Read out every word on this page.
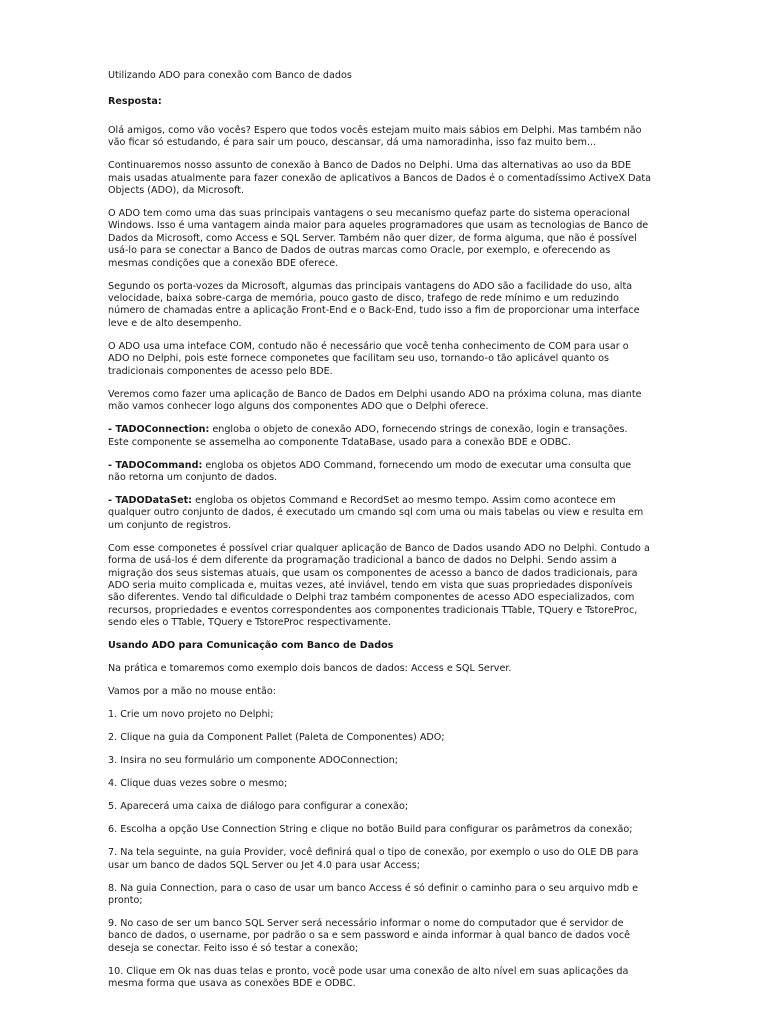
Utilizando ADO para conexão com Banco de dados
Resposta:
Olá amigos, como vão vocês? Espero que todos vocês estejam muito mais sábios em Delphi. Mas também não
vão ficar só estudando, é para sair um pouco, descansar, dá uma namoradinha, isso faz muito bem...
Continuaremos nosso assunto de conexão à Banco de Dados no Delphi. Uma das alternativas ao uso da BDE
mais usadas atualmente para fazer conexão de aplicativos a Bancos de Dados é o comentadíssimo ActiveX Data
Objects (ADO), da Microsoft.
O ADO tem como uma das suas principais vantagens o seu mecanismo quefaz parte do sistema operacional
Windows. Isso é uma vantagem ainda maior para aqueles programadores que usam as tecnologias de Banco de
Dados da Microsoft, como Access e SQL Server. Também não quer dizer, de forma alguma, que não é possível
usá-lo para se conectar a Banco de Dados de outras marcas como Oracle, por exemplo, e oferecendo as
mesmas condições que a conexão BDE oferece.
Segundo os porta-vozes da Microsoft, algumas das principais vantagens do ADO são a facilidade do uso, alta
velocidade, baixa sobre-carga de memória, pouco gasto de disco, trafego de rede mínimo e um reduzindo
número de chamadas entre a aplicação Front-End e o Back-End, tudo isso a fim de proporcionar uma interface
leve e de alto desempenho.
O ADO usa uma inteface COM, contudo não é necessário que você tenha conhecimento de COM para usar o
ADO no Delphi, pois este fornece componetes que facilitam seu uso, tornando-o tão aplicável quanto os
tradicionais componentes de acesso pelo BDE.
Veremos como fazer uma aplicação de Banco de Dados em Delphi usando ADO na próxima coluna, mas diante
mão vamos conhecer logo alguns dos componentes ADO que o Delphi oferece.
- TADOConnection: engloba o objeto de conexão ADO, fornecendo strings de conexão, login e transações.
Este componente se assemelha ao componente TdataBase, usado para a conexão BDE e ODBC.
- TADOCommand: engloba os objetos ADO Command, fornecendo um modo de executar uma consulta que
não retorna um conjunto de dados.
- TADODataSet: engloba os objetos Command e RecordSet ao mesmo tempo. Assim como acontece em
qualquer outro conjunto de dados, é executado um cmando sql com uma ou mais tabelas ou view e resulta em
um conjunto de registros.
Com esse componetes é possível criar qualquer aplicação de Banco de Dados usando ADO no Delphi. Contudo a
forma de usá-los é dem diferente da programação tradicional a banco de dados no Delphi. Sendo assim a
migração dos seus sistemas atuais, que usam os componentes de acesso a banco de dados tradicionais, para
ADO seria muito complicada e, muitas vezes, até inviável, tendo em vista que suas propriedades disponíveis
são diferentes. Vendo tal dificuldade o Delphi traz também componentes de acesso ADO especializados, com
recursos, propriedades e eventos correspondentes aos componentes tradicionais TTable, TQuery e TstoreProc,
sendo eles o TTable, TQuery e TstoreProc respectivamente.
Usando ADO para Comunicação com Banco de Dados
Na prática e tomaremos como exemplo dois bancos de dados: Access e SQL Server.
Vamos por a mão no mouse então:
1. Crie um novo projeto no Delphi;
2. Clique na guia da Component Pallet (Paleta de Componentes) ADO;
3. Insira no seu formulário um componente ADOConnection;
4. Clique duas vezes sobre o mesmo;
5. Aparecerá uma caixa de diálogo para configurar a conexão;
6. Escolha a opção Use Connection String e clique no botão Build para configurar os parâmetros da conexão;
7. Na tela seguinte, na guia Provider, você definirá qual o tipo de conexão, por exemplo o uso do OLE DB para
usar um banco de dados SQL Server ou Jet 4.0 para usar Access;
8. Na guia Connection, para o caso de usar um banco Access é só definir o caminho para o seu arquivo mdb e
pronto;
9. No caso de ser um banco SQL Server será necessário informar o nome do computador que é servidor de
banco de dados, o username, por padrão o sa e sem password e ainda informar à qual banco de dados você
deseja se conectar. Feito isso é só testar a conexão;
10. Clique em Ok nas duas telas e pronto, você pode usar uma conexão de alto nível em suas aplicações da
mesma forma que usava as conexões BDE e ODBC.
